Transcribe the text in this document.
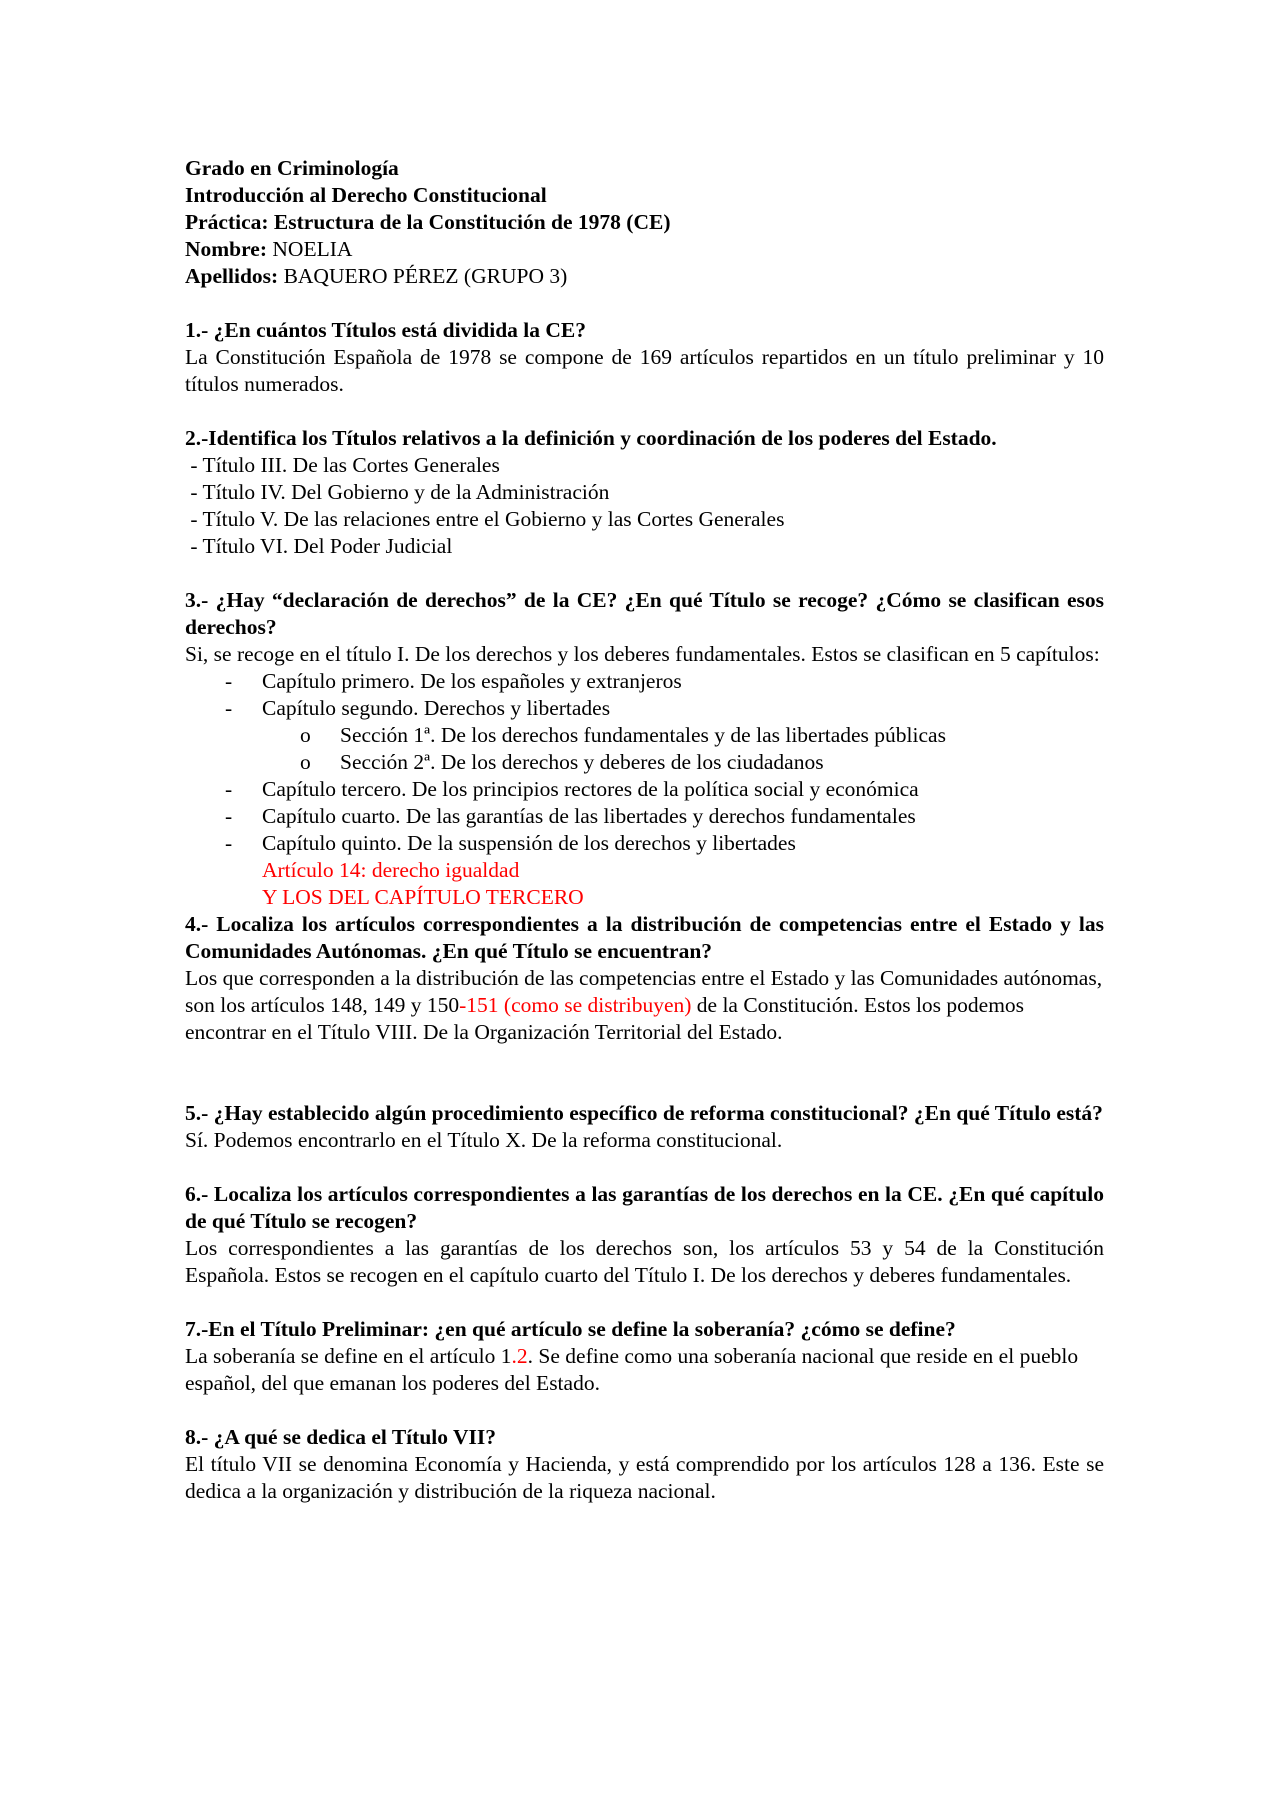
Grado en Criminología

Introducción al Derecho Constitucional

Práctica: Estructura de la Constitución de 1978 (CE)

Nombre: NOELIA

Apellidos: BAQUERO PÉREZ (GRUPO 3)

1.- ¿En cuántos Títulos está dividida la CE?

La Constitución Española de 1978 se compone de 169 artículos repartidos en un título preliminar y 10 títulos numerados.

2.-Identifica los Títulos relativos a la definición y coordinación de los poderes del Estado.

- Título III. De las Cortes Generales
- Título IV. Del Gobierno y de la Administración
- Título V. De las relaciones entre el Gobierno y las Cortes Generales
- Título VI. Del Poder Judicial

3.- ¿Hay “declaración de derechos” de la CE? ¿En qué Título se recoge? ¿Cómo se clasifican esos derechos?

Si, se recoge en el título I. De los derechos y los deberes fundamentales. Estos se clasifican en 5 capítulos:

- Capítulo primero. De los españoles y extranjeros
- Capítulo segundo. Derechos y libertades
o Sección 1ª. De los derechos fundamentales y de las libertades públicas
o Sección 2ª. De los derechos y deberes de los ciudadanos
- Capítulo tercero. De los principios rectores de la política social y económica
- Capítulo cuarto. De las garantías de las libertades y derechos fundamentales
- Capítulo quinto. De la suspensión de los derechos y libertades
Artículo 14: derecho igualdad
Y LOS DEL CAPÍTULO TERCERO

4.- Localiza los artículos correspondientes a la distribución de competencias entre el Estado y las Comunidades Autónomas. ¿En qué Título se encuentran?

Los que corresponden a la distribución de las competencias entre el Estado y las Comunidades autónomas, son los artículos 148, 149 y 150-151 (como se distribuyen) de la Constitución. Estos los podemos encontrar en el Título VIII. De la Organización Territorial del Estado.

5.- ¿Hay establecido algún procedimiento específico de reforma constitucional? ¿En qué Título está?

Sí. Podemos encontrarlo en el Título X. De la reforma constitucional.

6.- Localiza los artículos correspondientes a las garantías de los derechos en la CE. ¿En qué capítulo de qué Título se recogen?

Los correspondientes a las garantías de los derechos son, los artículos 53 y 54 de la Constitución Española. Estos se recogen en el capítulo cuarto del Título I. De los derechos y deberes fundamentales.

7.-En el Título Preliminar: ¿en qué artículo se define la soberanía? ¿cómo se define?

La soberanía se define en el artículo 1.2. Se define como una soberanía nacional que reside en el pueblo español, del que emanan los poderes del Estado.

8.- ¿A qué se dedica el Título VII?

El título VII se denomina Economía y Hacienda, y está comprendido por los artículos 128 a 136. Este se dedica a la organización y distribución de la riqueza nacional.
